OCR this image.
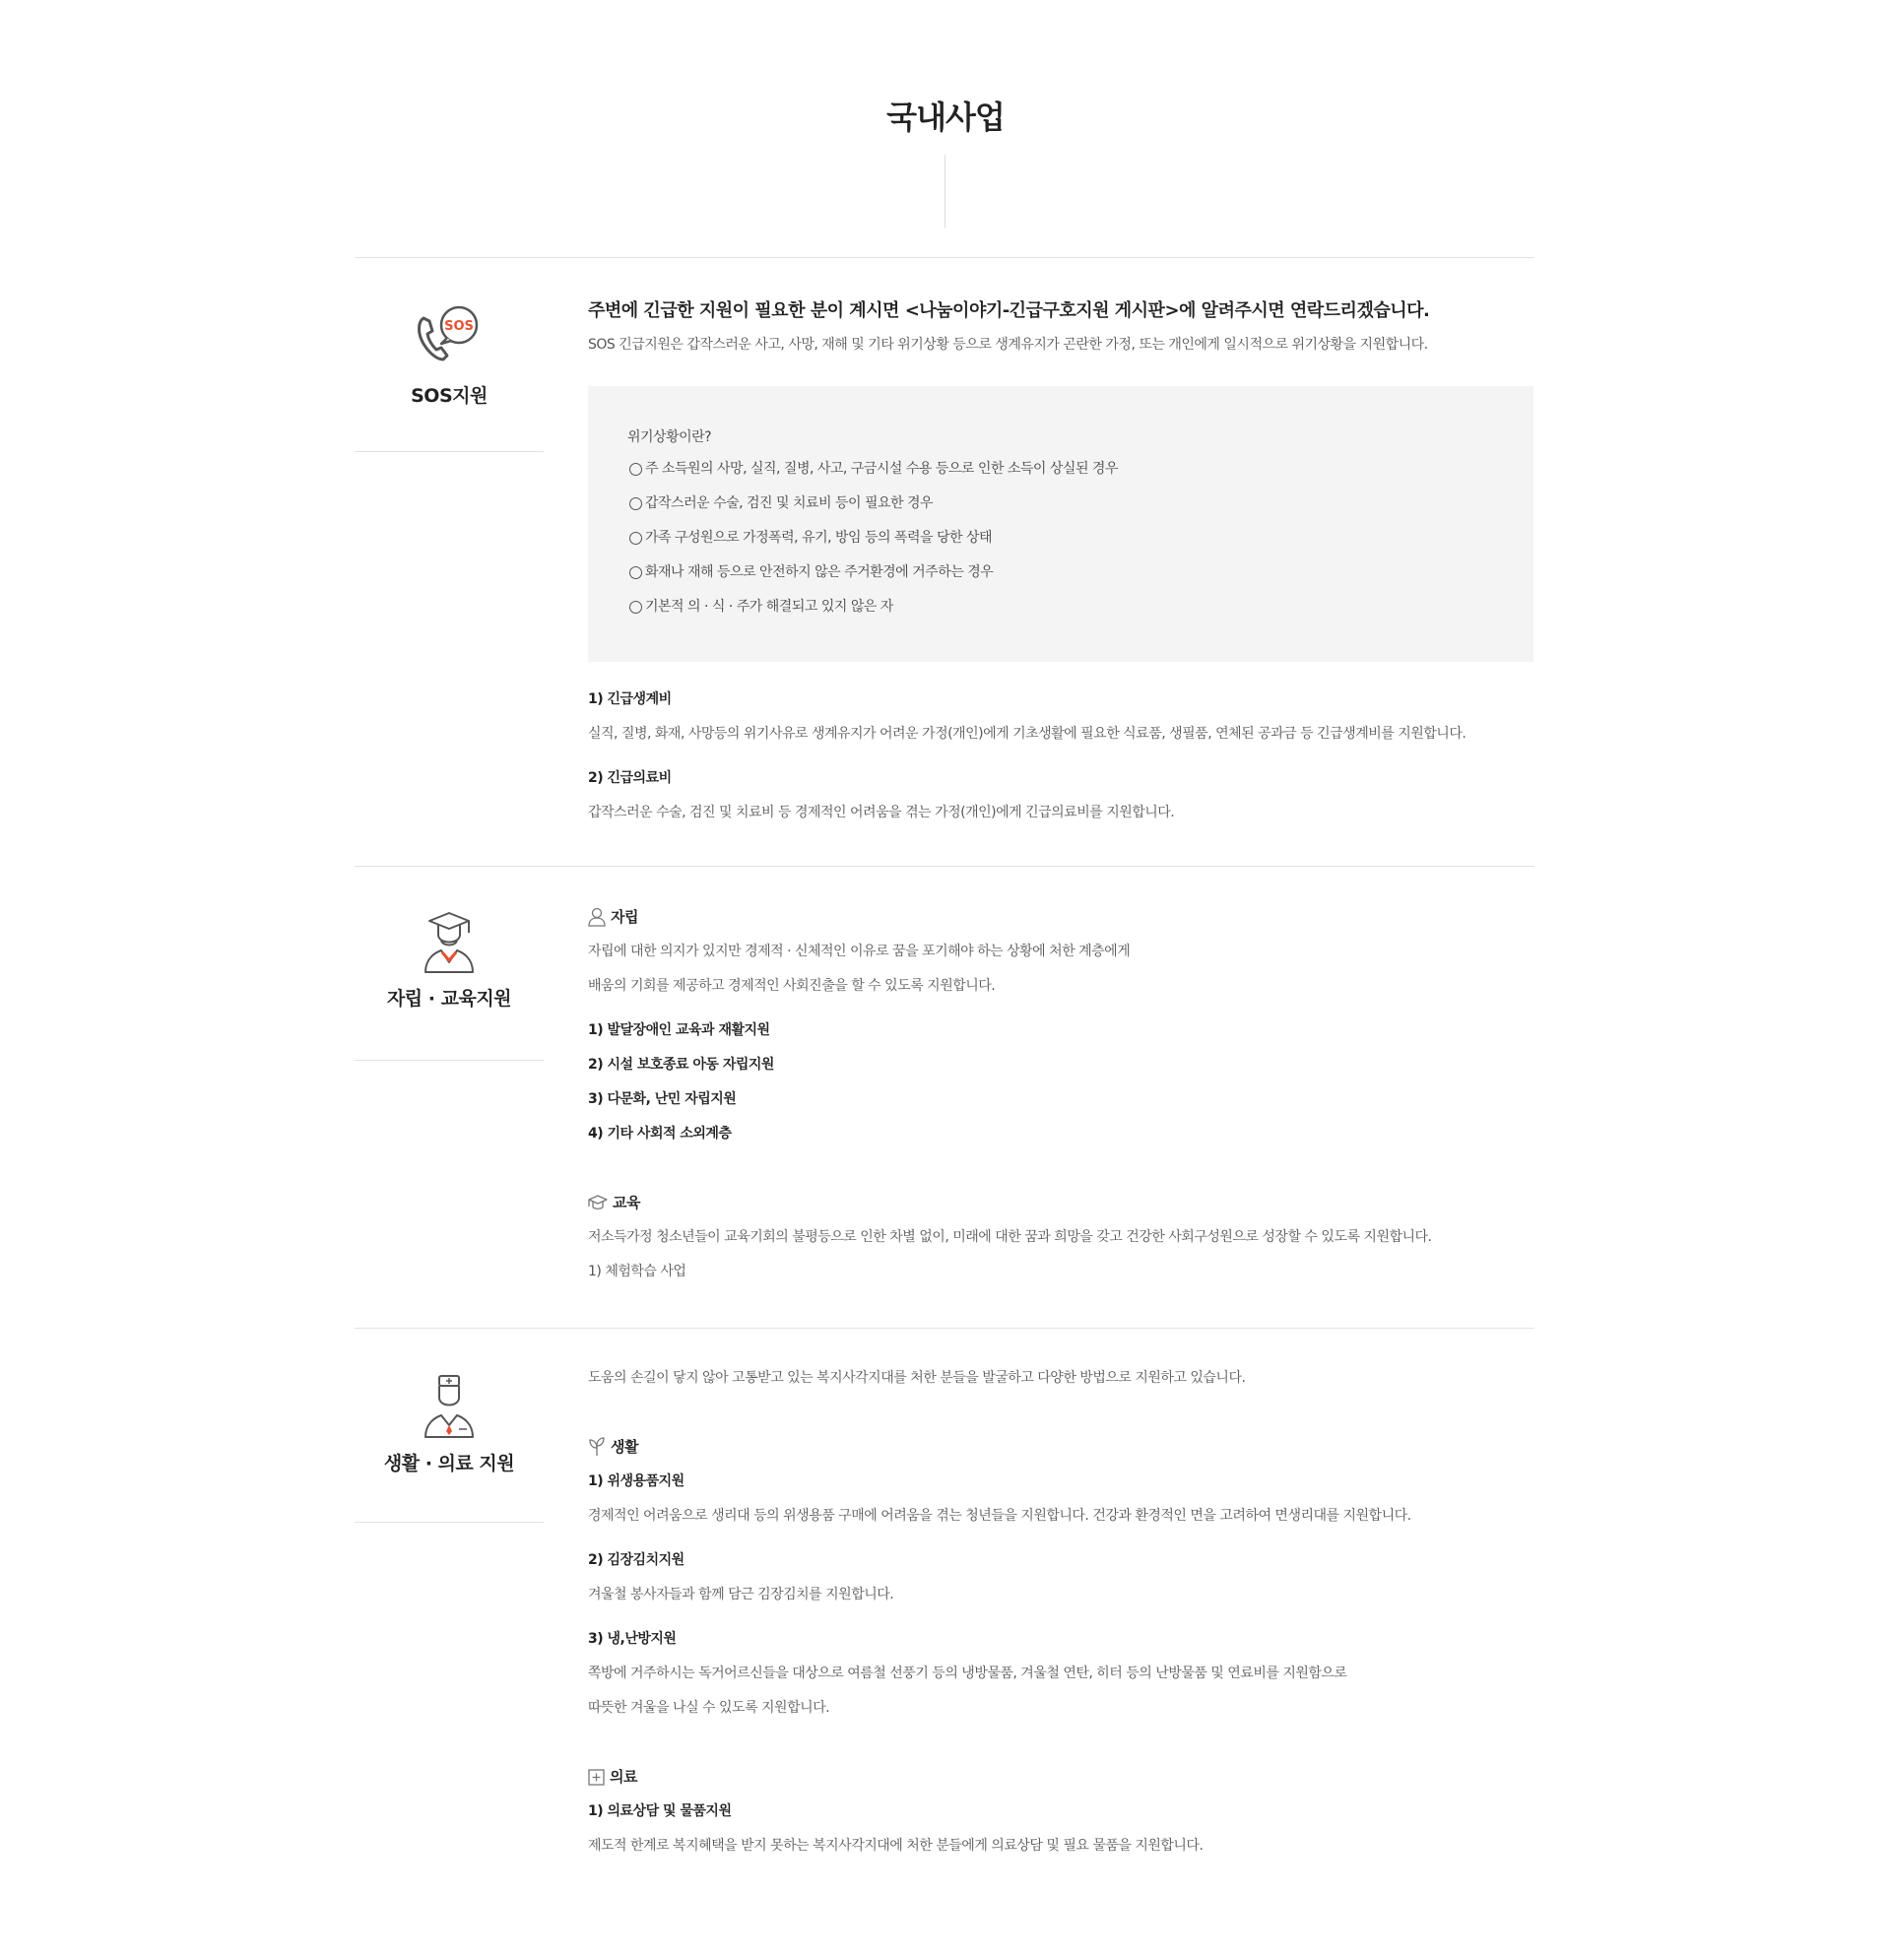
국내사업
SOS

SOS지원

주변에 긴급한 지원이 필요한 분이 계시면 <나눔이야기-긴급구호지원 게시판>에 알려주시면 연락드리겠습니다.
SOS 긴급지원은 갑작스러운 사고, 사망, 재해 및 기타 위기상황 등으로 생계유지가 곤란한 가정, 또는 개인에게 일시적으로 위기상황을 지원합니다.
위기상황이란?
주 소득원의 사망, 실직, 질병, 사고, 구금시설 수용 등으로 인한 소득이 상실된 경우
갑작스러운 수술, 검진 및 치료비 등이 필요한 경우
가족 구성원으로 가정폭력, 유기, 방임 등의 폭력을 당한 상태
화재나 재해 등으로 안전하지 않은 주거환경에 거주하는 경우
기본적 의 · 식 · 주가 해결되고 있지 않은 자
1) 긴급생계비
실직, 질병, 화재, 사망등의 위기사유로 생계유지가 어려운 가정(개인)에게 기초생활에 필요한 식료품, 생필품, 연체된 공과금 등 긴급생계비를 지원합니다.
2) 긴급의료비
갑작스러운 수술, 검진 및 치료비 등 경제적인 어려움을 겪는 가정(개인)에게 긴급의료비를 지원합니다.

자립 · 교육지원

자립
자립에 대한 의지가 있지만 경제적 · 신체적인 이유로 꿈을 포기해야 하는 상황에 처한 계층에게
배움의 기회를 제공하고 경제적인 사회진출을 할 수 있도록 지원합니다.
1) 발달장애인 교육과 재활지원
2) 시설 보호종료 아동 자립지원
3) 다문화, 난민 자립지원
4) 기타 사회적 소외계층
교육
저소득가정 청소년들이 교육기회의 불평등으로 인한 차별 없이, 미래에 대한 꿈과 희망을 갖고 건강한 사회구성원으로 성장할 수 있도록 지원합니다.
1) 체험학습 사업

생활 · 의료 지원

도움의 손길이 닿지 않아 고통받고 있는 복지사각지대를 처한 분들을 발굴하고 다양한 방법으로 지원하고 있습니다.
생활
1) 위생용품지원
경제적인 어려움으로 생리대 등의 위생용품 구매에 어려움을 겪는 청년들을 지원합니다. 건강과 환경적인 면을 고려하여 면생리대를 지원합니다.
2) 김장김치지원
겨울철 봉사자들과 함께 담근 김장김치를 지원합니다.
3) 냉,난방지원
쪽방에 거주하시는 독거어르신들을 대상으로 여름철 선풍기 등의 냉방물품, 겨울철 연탄, 히터 등의 난방물품 및 연료비를 지원함으로
따뜻한 겨울을 나실 수 있도록 지원합니다.
의료
1) 의료상담 및 물품지원
제도적 한계로 복지혜택을 받지 못하는 복지사각지대에 처한 분들에게 의료상담 및 필요 물품을 지원합니다.
